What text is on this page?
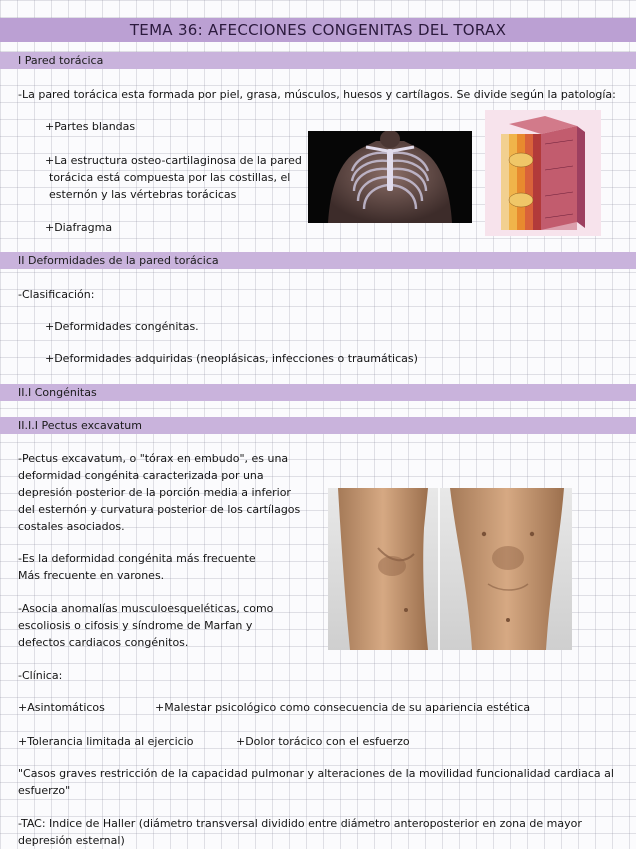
TEMA 36: AFECCIONES CONGENITAS DEL TORAX
I Pared torácica
-La pared torácica esta formada por piel, grasa, músculos, huesos y cartílagos. Se divide según la patología:
+Partes blandas
+La estructura osteo-cartilaginosa de la pared
torácica está compuesta por las costillas, el
esternón y las vértebras torácicas
+Diafragma
II Deformidades de la pared torácica
-Clasificación:
+Deformidades congénitas.
+Deformidades adquiridas (neoplásicas, infecciones o traumáticas)
II.I Congénitas
II.I.I Pectus excavatum
-Pectus excavatum, o "tórax en embudo", es una
deformidad congénita caracterizada por una
depresión posterior de la porción media a inferior
del esternón y curvatura posterior de los cartílagos
costales asociados.
-Es la deformidad congénita más frecuente
Más frecuente en varones.
-Asocia anomalías musculoesqueléticas, como
escoliosis o cifosis y síndrome de Marfan y
defectos cardiacos congénitos.
-Clínica:
+Asintomáticos	+Malestar psicológico como consecuencia de su apariencia estética
+Tolerancia limitada al ejercicio	+Dolor torácico con el esfuerzo
"Casos graves restricción de la capacidad pulmonar y alteraciones de la movilidad funcionalidad cardiaca al esfuerzo"
-TAC: Indice de Haller (diámetro transversal dividido entre diámetro anteroposterior en zona de mayor depresión esternal)
